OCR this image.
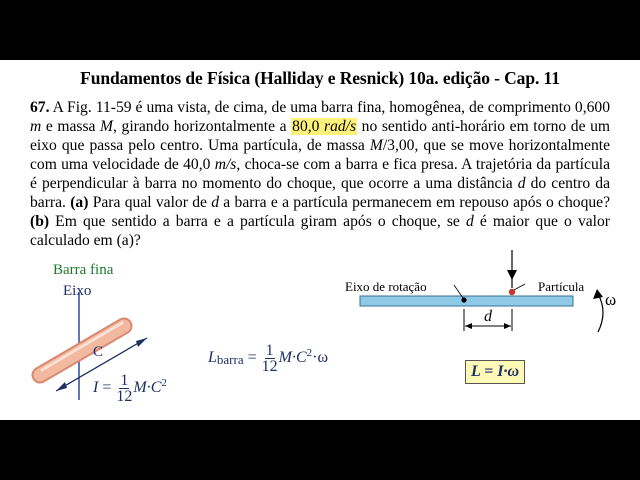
Fundamentos de Física (Halliday e Resnick) 10a. edição - Cap. 11
67. A Fig. 11-59 é uma vista, de cima, de uma barra fina, homogênea, de comprimento 0,600 m e massa M, girando horizontalmente a 80,0 rad/s no sentido anti-horário em torno de um eixo que passa pelo centro. Uma partícula, de massa M/3,00, que se move horizontalmente com uma velocidade de 40,0 m/s, choca-se com a barra e fica presa. A trajetória da partícula é perpendicular à barra no momento do choque, que ocorre a uma distância d do centro da barra. (a) Para qual valor de d a barra e a partícula permanecem em repouso após o choque? (b) Em que sentido a barra e a partícula giram após o choque, se d é maior que o valor calculado em (a)?
Barra fina
Eixo
C
$I = \frac{1}{12} M\cdot C^2$
Lbarra = $\frac{1}{12} M\cdot C^2\cdot\omega$
Eixo de rotação	Partícula
d
ω
L = I·ω
